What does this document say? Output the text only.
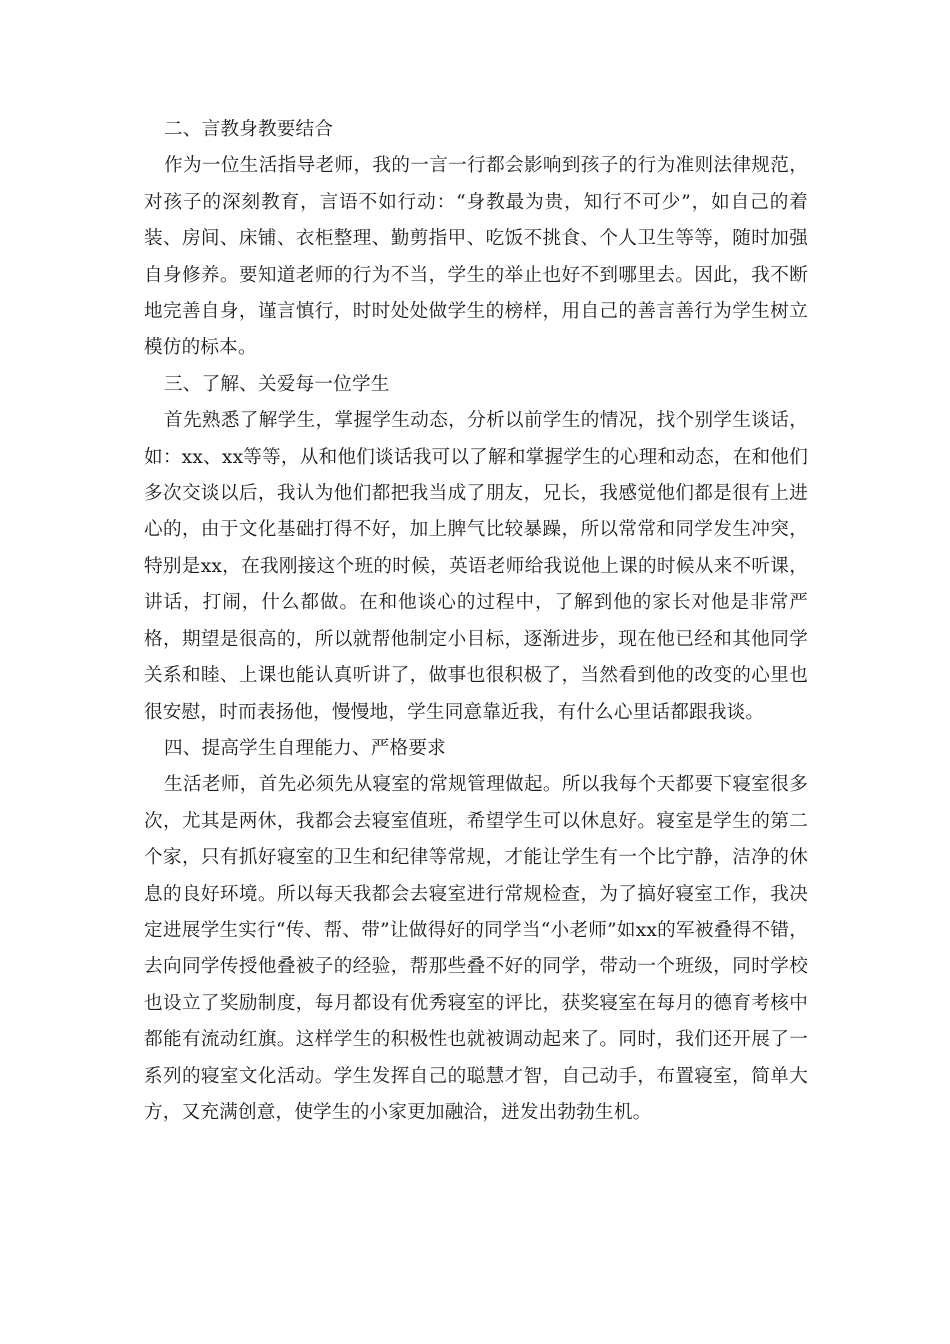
二、言教身教要结合

作为一位生活指导老师，我的一言一行都会影响到孩子的行为准则法律规范，对孩子的深刻教育，言语不如行动：“身教最为贵，知行不可少”，如自己的着装、房间、床铺、衣柜整理、勤剪指甲、吃饭不挑食、个人卫生等等，随时加强自身修养。要知道老师的行为不当，学生的举止也好不到哪里去。因此，我不断地完善自身，谨言慎行，时时处处做学生的榜样，用自己的善言善行为学生树立模仿的标本。

三、了解、关爱每一位学生

首先熟悉了解学生，掌握学生动态，分析以前学生的情况，找个别学生谈话，如：xx、xx等等，从和他们谈话我可以了解和掌握学生的心理和动态，在和他们多次交谈以后，我认为他们都把我当成了朋友，兄长，我感觉他们都是很有上进心的，由于文化基础打得不好，加上脾气比较暴躁，所以常常和同学发生冲突，特别是xx，在我刚接这个班的时候，英语老师给我说他上课的时候从来不听课，讲话，打闹，什么都做。在和他谈心的过程中，了解到他的家长对他是非常严格，期望是很高的，所以就帮他制定小目标，逐渐进步，现在他已经和其他同学关系和睦、上课也能认真听讲了，做事也很积极了，当然看到他的改变的心里也很安慰，时而表扬他，慢慢地，学生同意靠近我，有什么心里话都跟我谈。

四、提高学生自理能力、严格要求

生活老师，首先必须先从寝室的常规管理做起。所以我每个天都要下寝室很多次，尤其是两休，我都会去寝室值班，希望学生可以休息好。寝室是学生的第二个家，只有抓好寝室的卫生和纪律等常规，才能让学生有一个比宁静，洁净的休息的良好环境。所以每天我都会去寝室进行常规检查，为了搞好寝室工作，我决定进展学生实行“传、帮、带”让做得好的同学当“小老师”如xx的军被叠得不错，去向同学传授他叠被子的经验，帮那些叠不好的同学，带动一个班级，同时学校也设立了奖励制度，每月都设有优秀寝室的评比，获奖寝室在每月的德育考核中都能有流动红旗。这样学生的积极性也就被调动起来了。同时，我们还开展了一系列的寝室文化活动。学生发挥自己的聪慧才智，自己动手，布置寝室，简单大方，又充满创意，使学生的小家更加融洽，迸发出勃勃生机。
